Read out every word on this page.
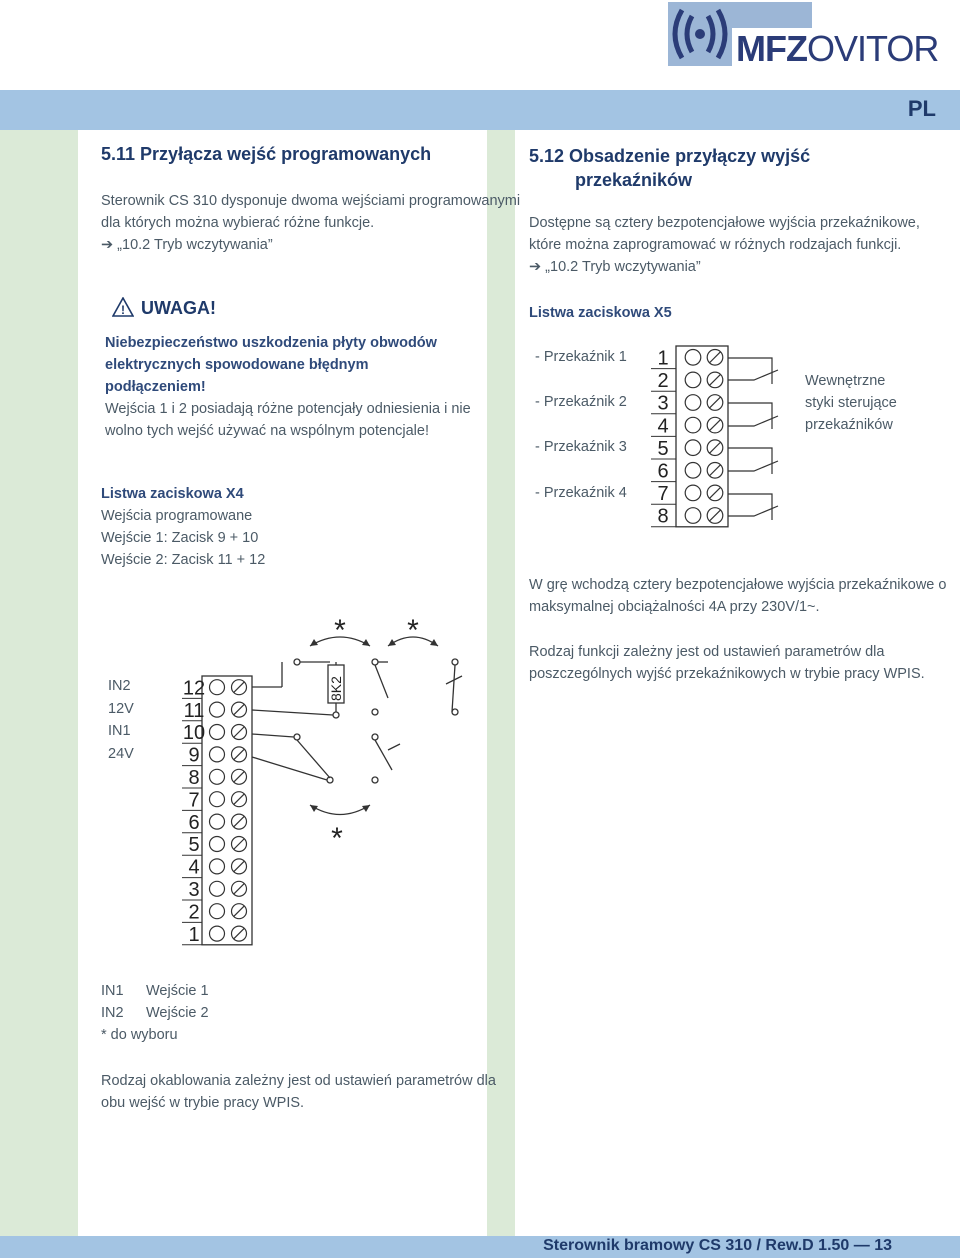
PL
MFZOVITOR
5.11 Przyłącza wejść programowanych
Sterownik CS 310 dysponuje dwoma wejściami programowanymi
dla których można wybierać różne funkcje.
➔ „10.2 Tryb wczytywania”
! UWAGA!
Niebezpieczeństwo uszkodzenia płyty obwodów
elektrycznych spowodowane błędnym
podłączeniem!
Wejścia 1 i 2 posiadają różne potencjały odniesienia i nie
wolno tych wejść używać na wspólnym potencjale!
Listwa zaciskowa X4
Wejścia programowane
Wejście 1: Zacisk 9 + 10
Wejście 2: Zacisk 11 + 12
IN2
12V
IN1
24V
12
11
10
9
8
7
6
5
4
3
2
1
* *
*
8K2
IN1 Wejście 1
IN2 Wejście 2
* do wyboru
Rodzaj okablowania zależny jest od ustawień parametrów dla
obu wejść w trybie pracy WPIS.
5.12 Obsadzenie przyłączy wyjść
przekaźników
Dostępne są cztery bezpotencjałowe wyjścia przekaźnikowe,
które można zaprogramować w różnych rodzajach funkcji.
➔ „10.2 Tryb wczytywania”
Listwa zaciskowa X5
- Przekaźnik 1
- Przekaźnik 2
- Przekaźnik 3
- Przekaźnik 4
1
2
3
4
5
6
7
8
Wewnętrzne
styki sterujące
przekaźników
W grę wchodzą cztery bezpotencjałowe wyjścia przekaźnikowe o
maksymalnej obciążalności 4A przy 230V/1~.
Rodzaj funkcji zależny jest od ustawień parametrów dla
poszczególnych wyjść przekaźnikowych w trybie pracy WPIS.
Sterownik bramowy CS 310 / Rew.D 1.50 — 13
